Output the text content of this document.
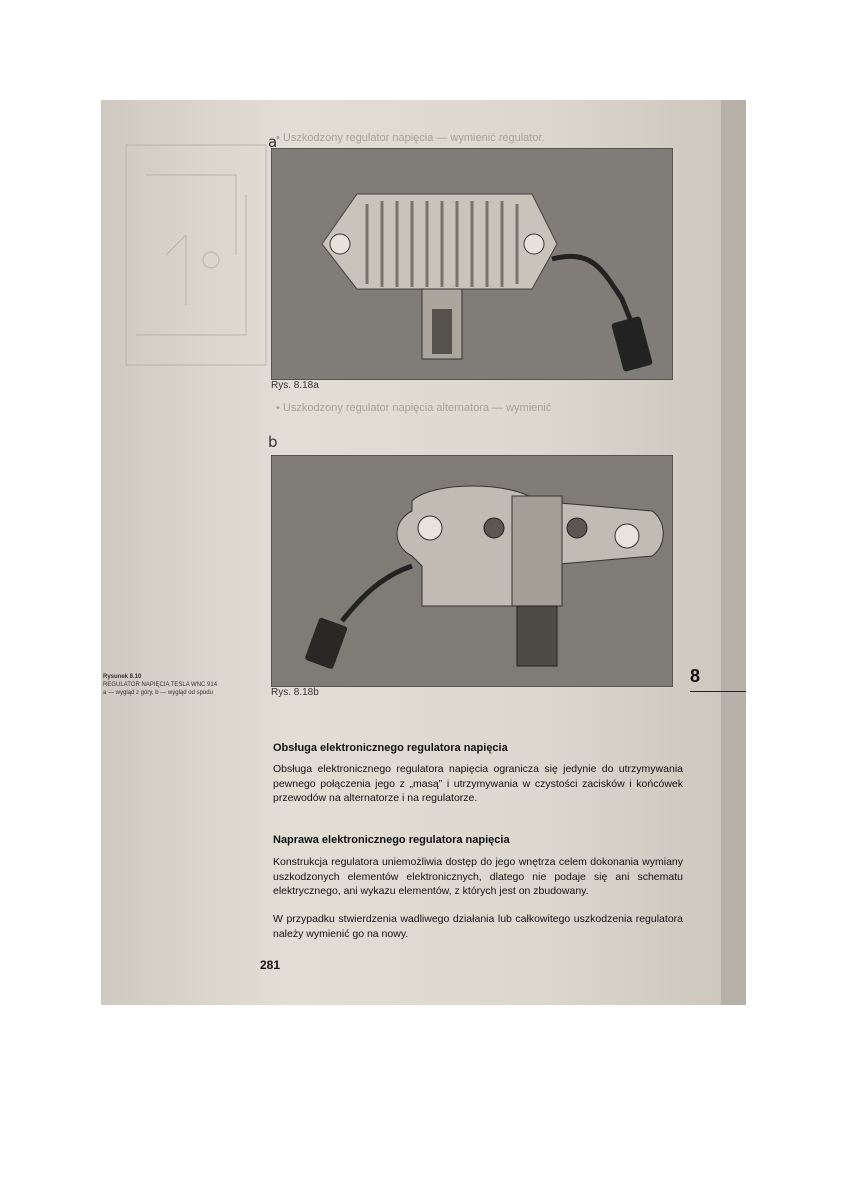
• Uszkodzony regulator napięcia — wymienić regulator.
• Uszkodzony regulator napięcia alternatora — wymienić
a
Rys. 8.18a
b
Rys. 8.18b
Rysunek 8.10
REGULATOR NAPIĘCIA TESLA WNC 914
a — wygląd z góry, b — wygląd od spodu
8
Obsługa elektronicznego regulatora napięcia
Obsługa elektronicznego regulatora napięcia ogranicza się jedynie do utrzymywania pewnego połączenia jego z „masą” i utrzymywania w czystości zacisków i końcówek przewodów na alternatorze i na regulatorze.
Naprawa elektronicznego regulatora napięcia
Konstrukcja regulatora uniemożliwia dostęp do jego wnętrza celem dokonania wymiany uszkodzonych elementów elektronicznych, dlatego nie podaje się ani schematu elektrycznego, ani wykazu elementów, z których jest on zbudowany.
W przypadku stwierdzenia wadliwego działania lub całkowitego uszkodzenia regulatora należy wymienić go na nowy.
281
